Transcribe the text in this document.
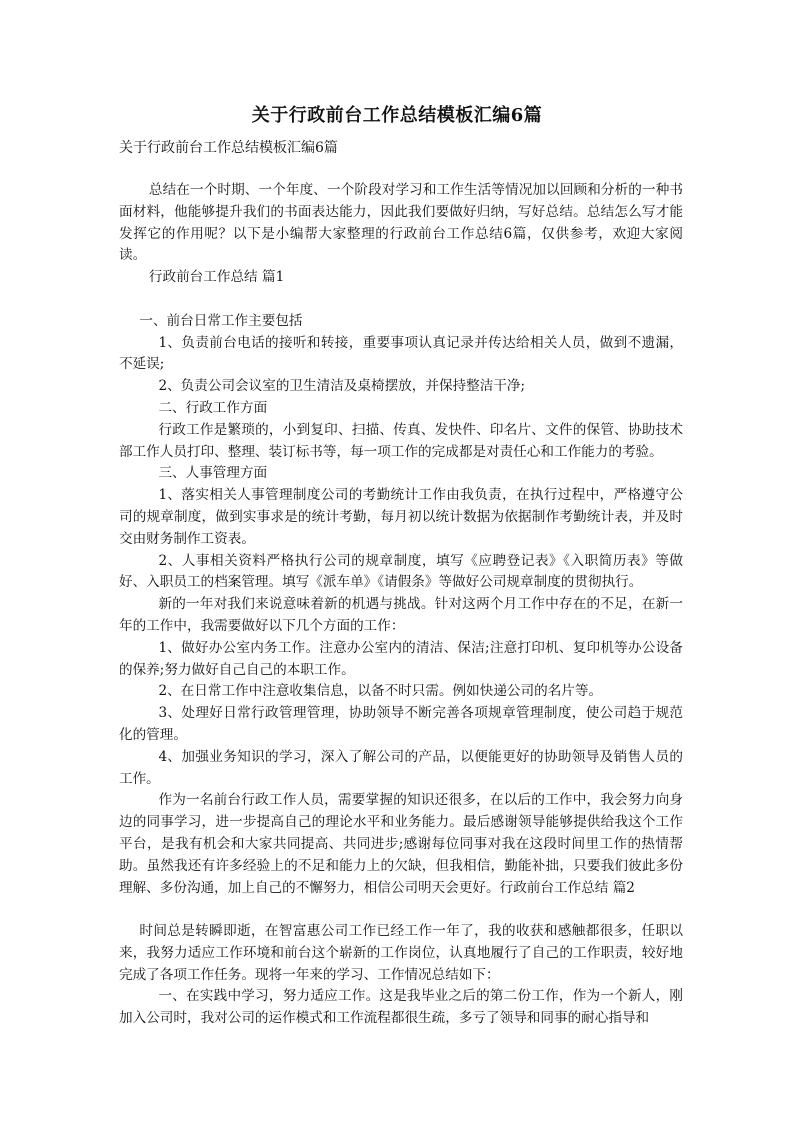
关于行政前台工作总结模板汇编6篇
关于行政前台工作总结模板汇编6篇

总结在一个时期、一个年度、一个阶段对学习和工作生活等情况加以回顾和分析的一种书面材料，他能够提升我们的书面表达能力，因此我们要做好归纳，写好总结。总结怎么写才能发挥它的作用呢？以下是小编帮大家整理的行政前台工作总结6篇，仅供参考，欢迎大家阅读。

行政前台工作总结 篇1

一、前台日常工作主要包括

1、负责前台电话的接听和转接，重要事项认真记录并传达给相关人员，做到不遗漏，不延误;

2、负责公司会议室的卫生清洁及桌椅摆放，并保持整洁干净;

二、行政工作方面

行政工作是繁琐的，小到复印、扫描、传真、发快件、印名片、文件的保管、协助技术部工作人员打印、整理、装订标书等，每一项工作的完成都是对责任心和工作能力的考验。

三、人事管理方面

1、落实相关人事管理制度公司的考勤统计工作由我负责，在执行过程中，严格遵守公司的规章制度，做到实事求是的统计考勤，每月初以统计数据为依据制作考勤统计表，并及时交由财务制作工资表。

2、人事相关资料严格执行公司的规章制度，填写《应聘登记表》《入职简历表》等做好、入职员工的档案管理。填写《派车单》《请假条》等做好公司规章制度的贯彻执行。

新的一年对我们来说意味着新的机遇与挑战。针对这两个月工作中存在的不足，在新一年的工作中，我需要做好以下几个方面的工作：

1、做好办公室内务工作。注意办公室内的清洁、保洁;注意打印机、复印机等办公设备的保养;努力做好自己自己的本职工作。

2、在日常工作中注意收集信息，以备不时只需。例如快递公司的名片等。

3、处理好日常行政管理管理，协助领导不断完善各项规章管理制度，使公司趋于规范化的管理。

4、加强业务知识的学习，深入了解公司的产品，以便能更好的协助领导及销售人员的工作。

作为一名前台行政工作人员，需要掌握的知识还很多，在以后的工作中，我会努力向身边的同事学习，进一步提高自己的理论水平和业务能力。最后感谢领导能够提供给我这个工作平台，是我有机会和大家共同提高、共同进步;感谢每位同事对我在这段时间里工作的热情帮助。虽然我还有许多经验上的不足和能力上的欠缺，但我相信，勤能补拙，只要我们彼此多份理解、多份沟通，加上自己的不懈努力，相信公司明天会更好。行政前台工作总结 篇2

时间总是转瞬即逝，在智富惠公司工作已经工作一年了，我的收获和感触都很多，任职以来，我努力适应工作环境和前台这个崭新的工作岗位，认真地履行了自己的工作职责，较好地完成了各项工作任务。现将一年来的学习、工作情况总结如下：

一、在实践中学习，努力适应工作。这是我毕业之后的第二份工作，作为一个新人，刚加入公司时，我对公司的运作模式和工作流程都很生疏，多亏了领导和同事的耐心指导和
